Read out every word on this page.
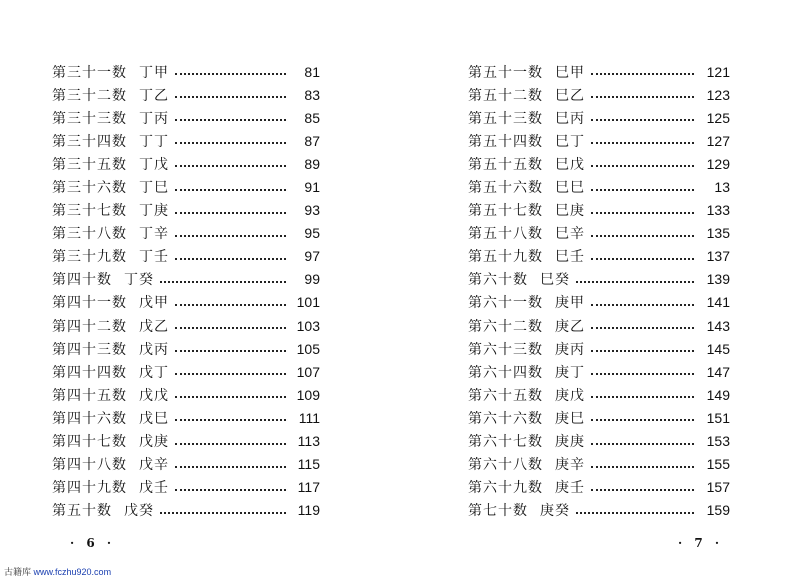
第三十一数 丁甲	81
第三十二数 丁乙	83
第三十三数 丁丙	85
第三十四数 丁丁	87
第三十五数 丁戊	89
第三十六数 丁巳	91
第三十七数 丁庚	93
第三十八数 丁辛	95
第三十九数 丁壬	97
第四十数 丁癸	99
第四十一数 戊甲	101
第四十二数 戊乙	103
第四十三数 戊丙	105
第四十四数 戊丁	107
第四十五数 戊戊	109
第四十六数 戊巳	111
第四十七数 戊庚	113
第四十八数 戊辛	115
第四十九数 戊壬	117
第五十数 戊癸	119
· 6 ·
第五十一数 巳甲	121
第五十二数 巳乙	123
第五十三数 巳丙	125
第五十四数 巳丁	127
第五十五数 巳戊	129
第五十六数 巳巳	13
第五十七数 巳庚	133
第五十八数 巳辛	135
第五十九数 巳壬	137
第六十数 巳癸	139
第六十一数 庚甲	141
第六十二数 庚乙	143
第六十三数 庚丙	145
第六十四数 庚丁	147
第六十五数 庚戊	149
第六十六数 庚巳	151
第六十七数 庚庚	153
第六十八数 庚辛	155
第六十九数 庚壬	157
第七十数 庚癸	159
· 7 ·
古籍库 www.fczhu920.com
